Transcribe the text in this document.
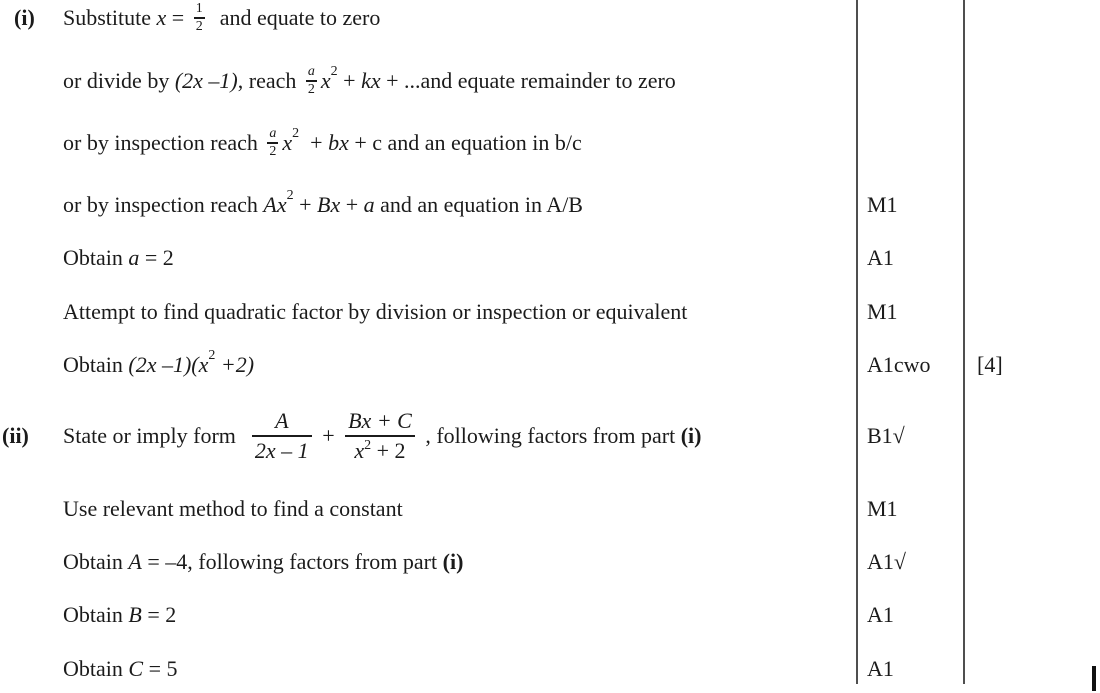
(i)
(ii)
Substitute x = 1
2 and equate to zero
or divide by (2x –1) , reach a
2 x 2 + kx + ...and equate remainder to zero
or by inspection reach a
2 x 2 + bx + c and an equation in b/c
or by inspection reach Ax 2 + Bx + a and an equation in A/B
Obtain a = 2
Attempt to find quadratic factor by division or inspection or equivalent
Obtain (2x –1)(x 2 +2)
State or imply form
A
2x – 1
+
Bx + C
$x^2 + 2$
, following factors from part (i)
Use relevant method to find a constant
Obtain A = –4, following factors from part (i)
Obtain B = 2
Obtain C = 5
M1
A1
M1
A1cwo
B1√
M1
A1√
A1
A1
[4]
